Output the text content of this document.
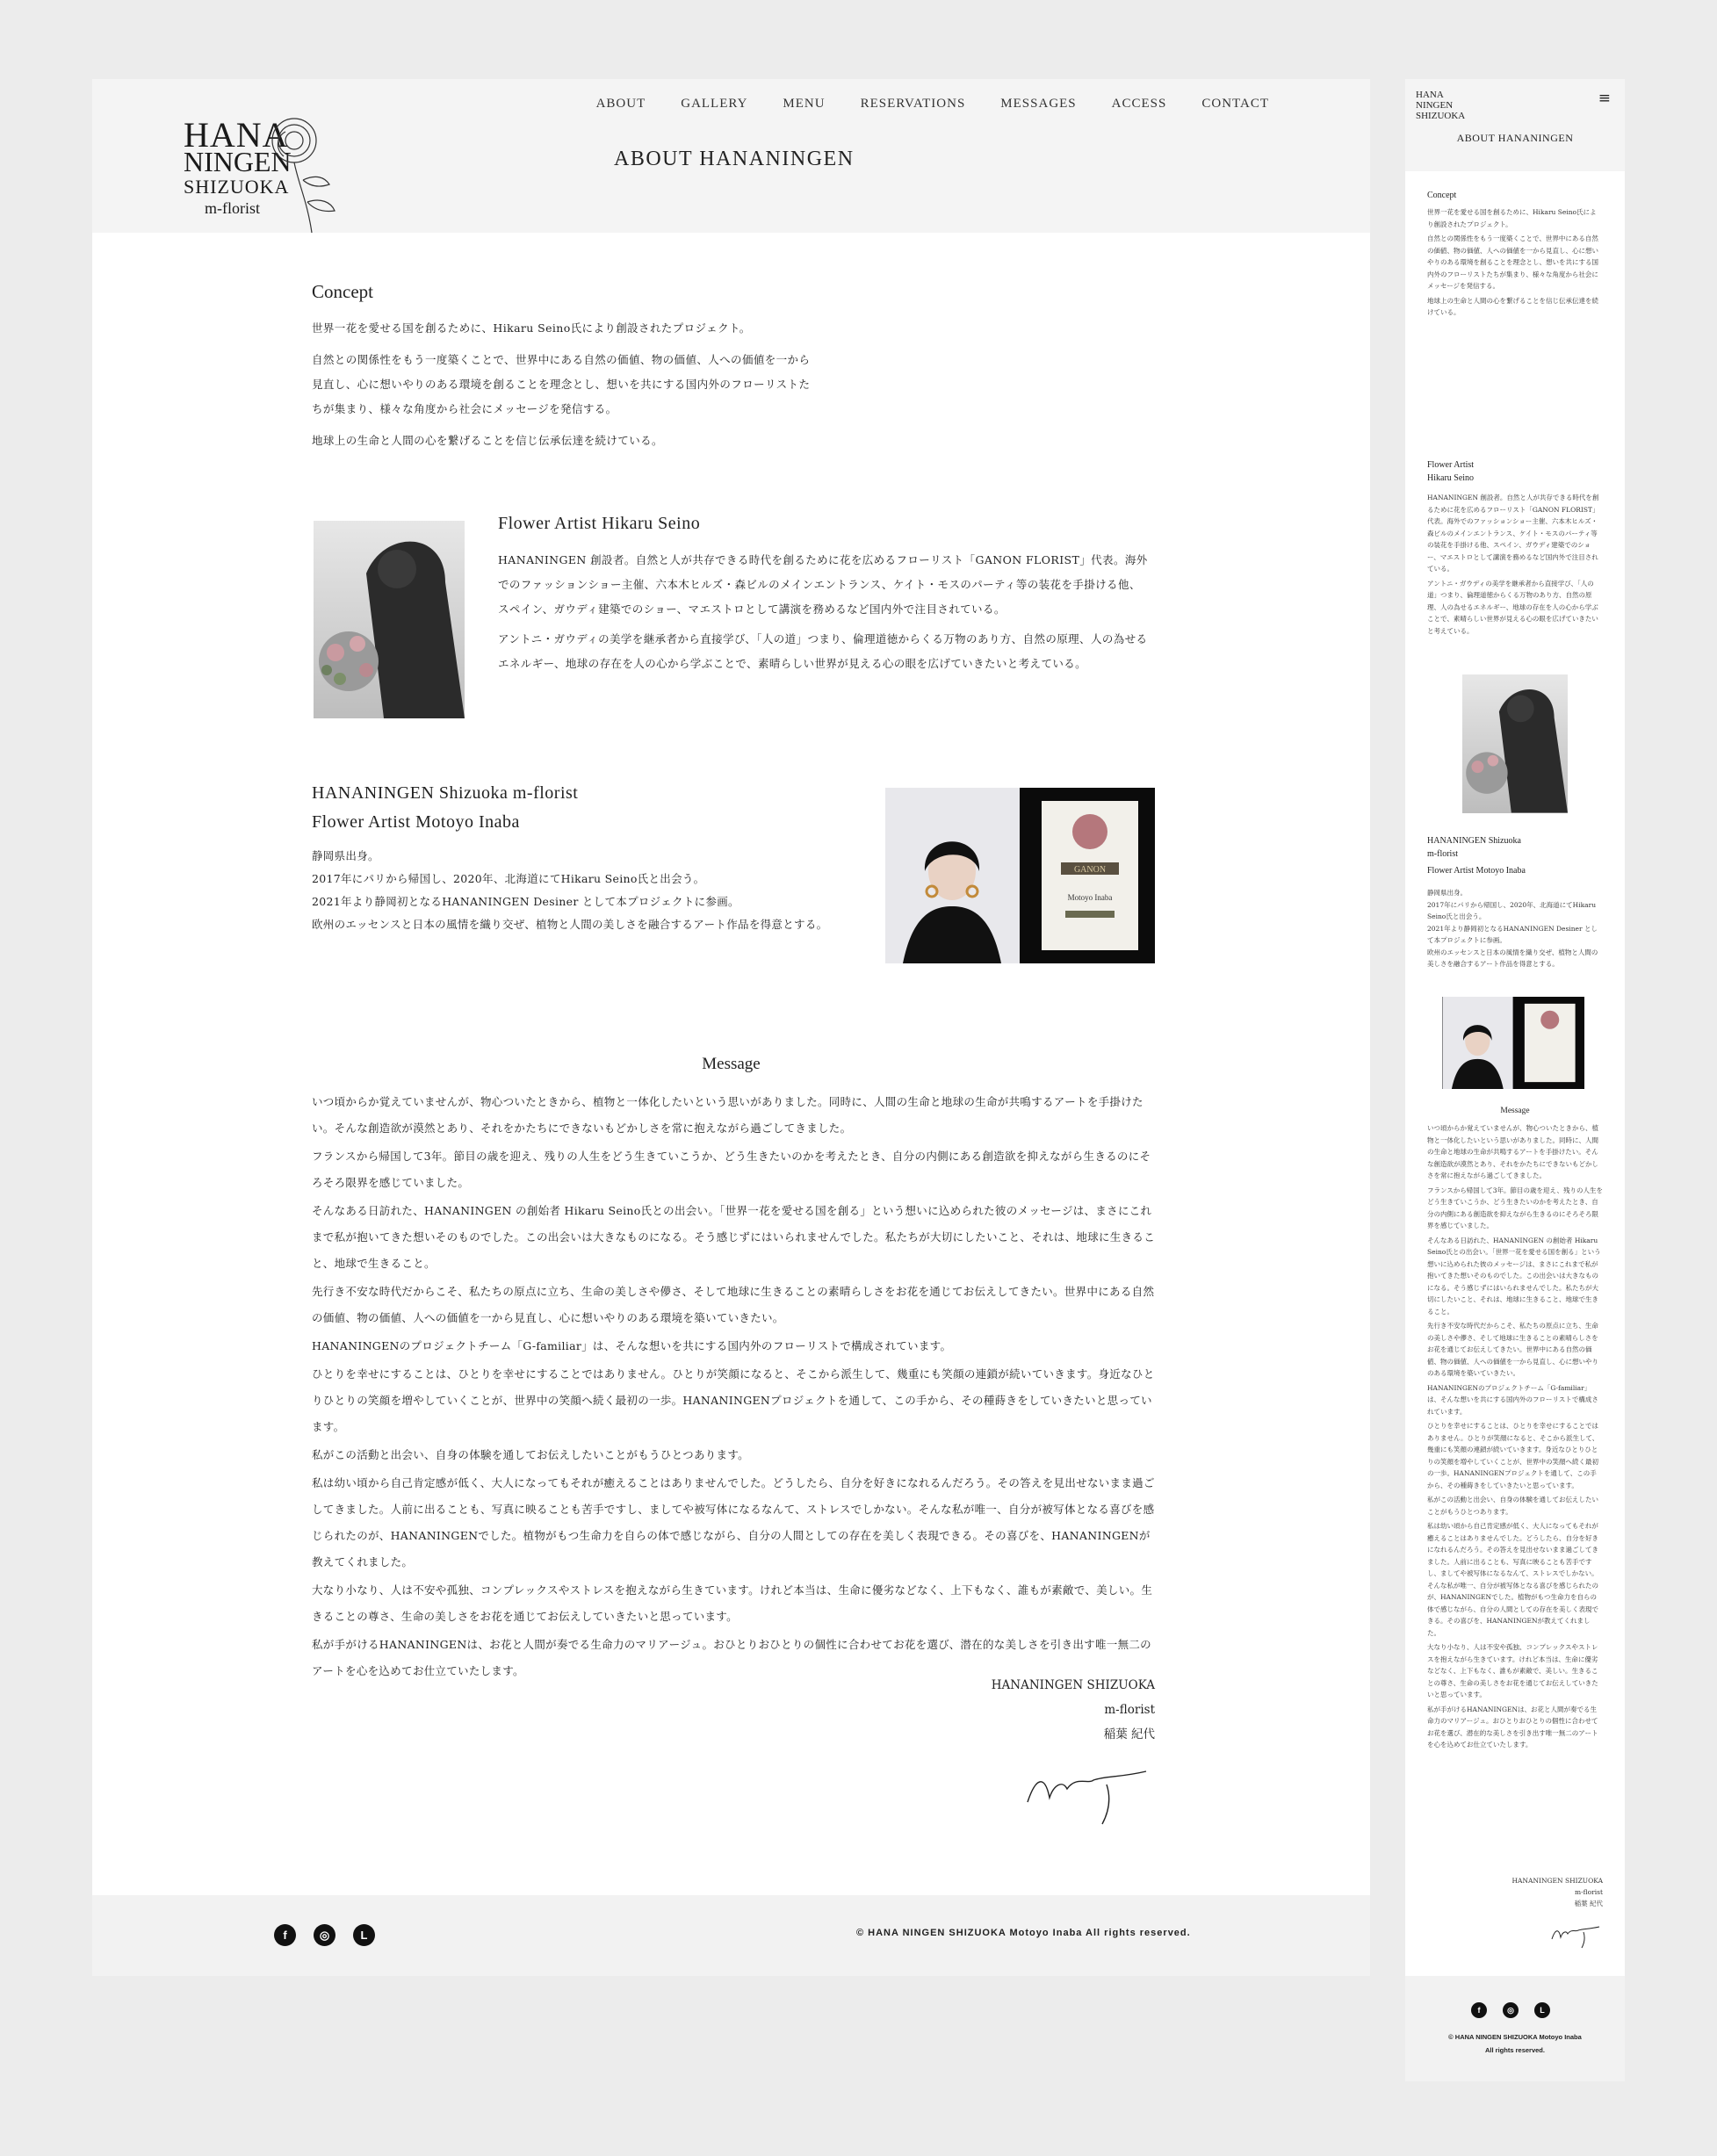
HANA
NINGEN
SHIZUOKA
m-florist
ABOUT	GALLERY	MENU	RESERVATIONS	MESSAGES	ACCESS	CONTACT
ABOUT HANANINGEN
Concept

世界一花を愛せる国を創るために、Hikaru Seino氏により創設されたプロジェクト。

自然との関係性をもう一度築くことで、世界中にある自然の価値、物の価値、人への価値を一から見直し、心に想いやりのある環境を創ることを理念とし、想いを共にする国内外のフローリストたちが集まり、様々な角度から社会にメッセージを発信する。

地球上の生命と人間の心を繋げることを信じ伝承伝達を続けている。

Flower Artist Hikaru Seino

HANANINGEN 創設者。自然と人が共存できる時代を創るために花を広めるフローリスト「GANON FLORIST」代表。海外でのファッションショー主催、六本木ヒルズ・森ビルのメインエントランス、ケイト・モスのパーティ等の装花を手掛ける他、スペイン、ガウディ建築でのショー、マエストロとして講演を務めるなど国内外で注目されている。

アントニ・ガウディの美学を継承者から直接学び、「人の道」つまり、倫理道徳からくる万物のあり方、自然の原理、人の為せるエネルギー、地球の存在を人の心から学ぶことで、素晴らしい世界が見える心の眼を広げていきたいと考えている。

HANANINGEN Shizuoka m-florist
Flower Artist Motoyo Inaba
静岡県出身。
2017年にパリから帰国し、2020年、北海道にてHikaru Seino氏と出会う。
2021年より静岡初となるHANANINGEN Desiner として本プロジェクトに参画。
欧州のエッセンスと日本の風情を織り交ぜ、植物と人間の美しさを融合するアート作品を得意とする。
GANON
Motoyo Inaba
Message

いつ頃からか覚えていませんが、物心ついたときから、植物と一体化したいという思いがありました。同時に、人間の生命と地球の生命が共鳴するアートを手掛けたい。そんな創造欲が漠然とあり、それをかたちにできないもどかしさを常に抱えながら過ごしてきました。

フランスから帰国して3年。節目の歳を迎え、残りの人生をどう生きていこうか、どう生きたいのかを考えたとき、自分の内側にある創造欲を抑えながら生きるのにそろそろ限界を感じていました。

そんなある日訪れた、HANANINGEN の創始者 Hikaru Seino氏との出会い。「世界一花を愛せる国を創る」という想いに込められた彼のメッセージは、まさにこれまで私が抱いてきた想いそのものでした。この出会いは大きなものになる。そう感じずにはいられませんでした。私たちが大切にしたいこと、それは、地球に生きること、地球で生きること。

先行き不安な時代だからこそ、私たちの原点に立ち、生命の美しさや儚さ、そして地球に生きることの素晴らしさをお花を通じてお伝えしてきたい。世界中にある自然の価値、物の価値、人への価値を一から見直し、心に想いやりのある環境を築いていきたい。

HANANINGENのプロジェクトチーム「G-familiar」は、そんな想いを共にする国内外のフローリストで構成されています。

ひとりを幸せにすることは、ひとりを幸せにすることではありません。ひとりが笑顔になると、そこから派生して、幾重にも笑顔の連鎖が続いていきます。身近なひとりひとりの笑顔を増やしていくことが、世界中の笑顔へ続く最初の一歩。HANANINGENプロジェクトを通して、この手から、その種蒔きをしていきたいと思っています。

私がこの活動と出会い、自身の体験を通してお伝えしたいことがもうひとつあります。

私は幼い頃から自己肯定感が低く、大人になってもそれが癒えることはありませんでした。どうしたら、自分を好きになれるんだろう。その答えを見出せないまま過ごしてきました。人前に出ることも、写真に映ることも苦手ですし、ましてや被写体になるなんて、ストレスでしかない。そんな私が唯一、自分が被写体となる喜びを感じられたのが、HANANINGENでした。植物がもつ生命力を自らの体で感じながら、自分の人間としての存在を美しく表現できる。その喜びを、HANANINGENが教えてくれました。

大なり小なり、人は不安や孤独、コンプレックスやストレスを抱えながら生きています。けれど本当は、生命に優劣などなく、上下もなく、誰もが素敵で、美しい。生きることの尊さ、生命の美しさをお花を通じてお伝えしていきたいと思っています。

私が手がけるHANANINGENは、お花と人間が奏でる生命力のマリアージュ。おひとりおひとりの個性に合わせてお花を選び、潜在的な美しさを引き出す唯一無二のアートを心を込めてお仕立ていたします。

HANANINGEN SHIZUOKA
m-florist
稲葉 紀代
f	◎	L	© HANA NINGEN SHIZUOKA Motoyo Inaba All rights reserved.
HANA
NINGEN
SHIZUOKA
≡
ABOUT HANANINGEN
Concept

世界一花を愛せる国を創るために、Hikaru Seino氏により創設されたプロジェクト。

自然との関係性をもう一度築くことで、世界中にある自然の価値、物の価値、人への価値を一から見直し、心に想いやりのある環境を創ることを理念とし、想いを共にする国内外のフローリストたちが集まり、様々な角度から社会にメッセージを発信する。

地球上の生命と人間の心を繋げることを信じ伝承伝達を続けている。

Flower Artist
Hikaru Seino

HANANINGEN 創設者。自然と人が共存できる時代を創るために花を広めるフローリスト「GANON FLORIST」代表。海外でのファッションショー主催、六本木ヒルズ・森ビルのメインエントランス、ケイト・モスのパーティ等の装花を手掛ける他、スペイン、ガウディ建築でのショー、マエストロとして講演を務めるなど国内外で注目されている。

アントニ・ガウディの美学を継承者から直接学び、「人の道」つまり、倫理道徳からくる万物のあり方、自然の原理、人の為せるエネルギー、地球の存在を人の心から学ぶことで、素晴らしい世界が見える心の眼を広げていきたいと考えている。

HANANINGEN Shizuoka
m-florist
Flower Artist Motoyo Inaba
静岡県出身。
2017年にパリから帰国し、2020年、北海道にてHikaru Seino氏と出会う。
2021年より静岡初となるHANANINGEN Desiner として本プロジェクトに参画。
欧州のエッセンスと日本の風情を織り交ぜ、植物と人間の美しさを融合するアート作品を得意とする。
Message

いつ頃からか覚えていませんが、物心ついたときから、植物と一体化したいという思いがありました。同時に、人間の生命と地球の生命が共鳴するアートを手掛けたい。そんな創造欲が漠然とあり、それをかたちにできないもどかしさを常に抱えながら過ごしてきました。

フランスから帰国して3年。節目の歳を迎え、残りの人生をどう生きていこうか、どう生きたいのかを考えたとき、自分の内側にある創造欲を抑えながら生きるのにそろそろ限界を感じていました。

そんなある日訪れた、HANANINGEN の創始者 Hikaru Seino氏との出会い。「世界一花を愛せる国を創る」という想いに込められた彼のメッセージは、まさにこれまで私が抱いてきた想いそのものでした。この出会いは大きなものになる。そう感じずにはいられませんでした。私たちが大切にしたいこと、それは、地球に生きること、地球で生きること。

先行き不安な時代だからこそ、私たちの原点に立ち、生命の美しさや儚さ、そして地球に生きることの素晴らしさをお花を通じてお伝えしてきたい。世界中にある自然の価値、物の価値、人への価値を一から見直し、心に想いやりのある環境を築いていきたい。

HANANINGENのプロジェクトチーム「G-familiar」は、そんな想いを共にする国内外のフローリストで構成されています。

ひとりを幸せにすることは、ひとりを幸せにすることではありません。ひとりが笑顔になると、そこから派生して、幾重にも笑顔の連鎖が続いていきます。身近なひとりひとりの笑顔を増やしていくことが、世界中の笑顔へ続く最初の一歩。HANANINGENプロジェクトを通して、この手から、その種蒔きをしていきたいと思っています。

私がこの活動と出会い、自身の体験を通してお伝えしたいことがもうひとつあります。

私は幼い頃から自己肯定感が低く、大人になってもそれが癒えることはありませんでした。どうしたら、自分を好きになれるんだろう。その答えを見出せないまま過ごしてきました。人前に出ることも、写真に映ることも苦手ですし、ましてや被写体になるなんて、ストレスでしかない。そんな私が唯一、自分が被写体となる喜びを感じられたのが、HANANINGENでした。植物がもつ生命力を自らの体で感じながら、自分の人間としての存在を美しく表現できる。その喜びを、HANANINGENが教えてくれました。

大なり小なり、人は不安や孤独、コンプレックスやストレスを抱えながら生きています。けれど本当は、生命に優劣などなく、上下もなく、誰もが素敵で、美しい。生きることの尊さ、生命の美しさをお花を通じてお伝えしていきたいと思っています。

私が手がけるHANANINGENは、お花と人間が奏でる生命力のマリアージュ。おひとりおひとりの個性に合わせてお花を選び、潜在的な美しさを引き出す唯一無二のアートを心を込めてお仕立ていたします。

HANANINGEN SHIZUOKA
m-florist
稲葉 紀代
f	◎	L
© HANA NINGEN SHIZUOKA Motoyo Inaba
All rights reserved.
